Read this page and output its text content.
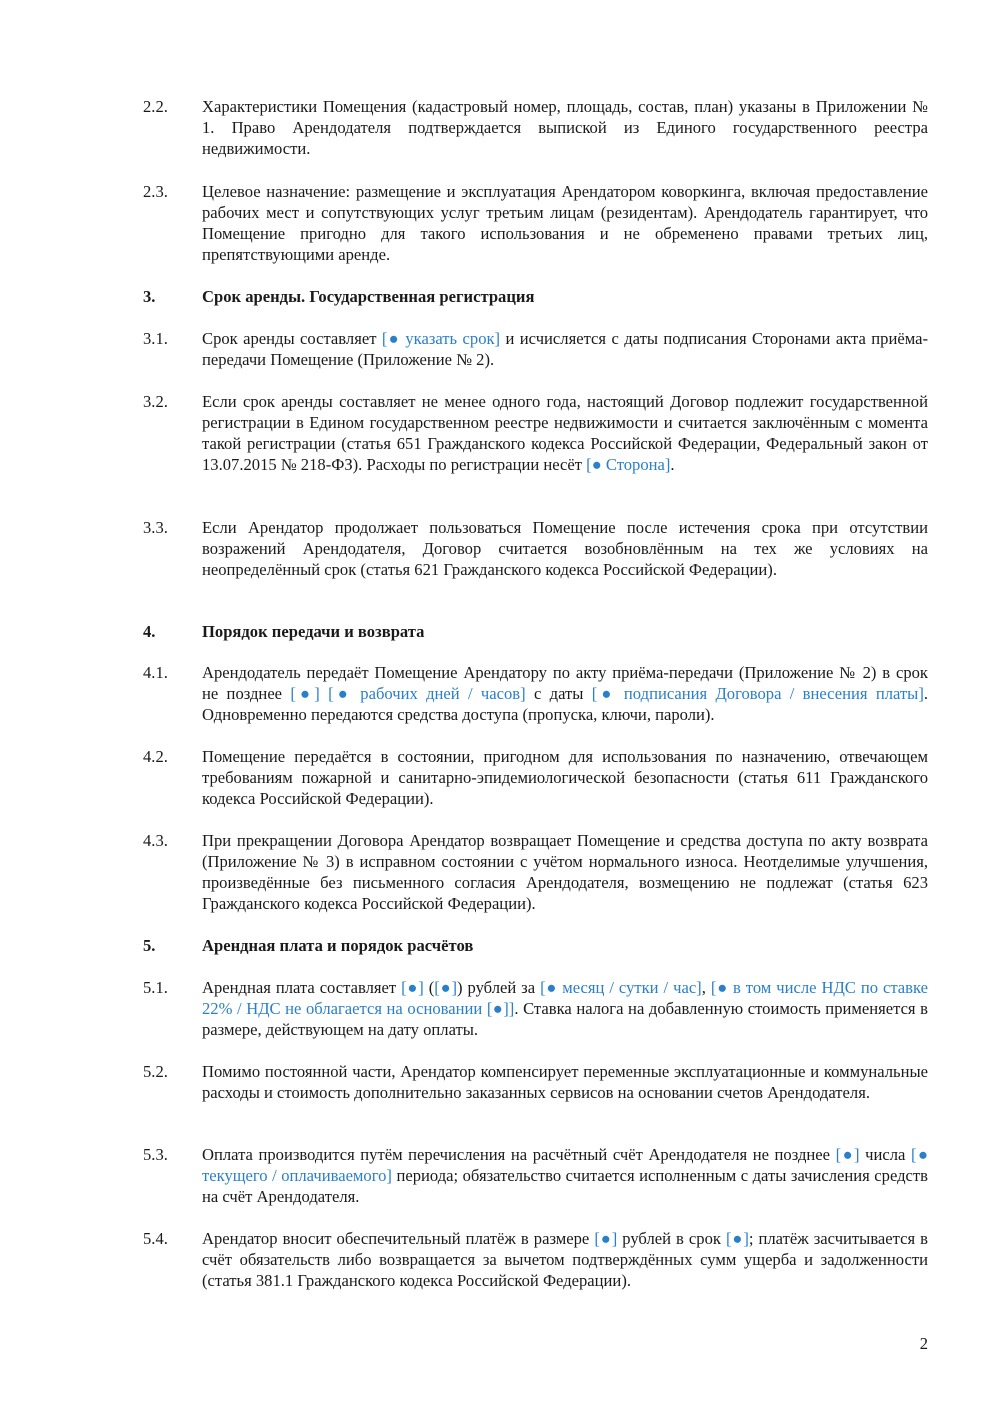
2.2.	Характеристики Помещения (кадастровый номер, площадь, состав, план) указаны в Приложении № 1. Право Арендодателя подтверждается выпиской из Единого государственного реестра недвижимости.
2.3.	Целевое назначение: размещение и эксплуатация Арендатором коворкинга, включая предоставление рабочих мест и сопутствующих услуг третьим лицам (резидентам). Арендодатель гарантирует, что Помещение пригодно для такого использования и не обременено правами третьих лиц, препятствующими аренде.
3.	Срок аренды. Государственная регистрация
3.1.	Срок аренды составляет [● указать срок] и исчисляется с даты подписания Сторонами акта приёма-передачи Помещение (Приложение № 2).
3.2.	Если срок аренды составляет не менее одного года, настоящий Договор подлежит государственной регистрации в Едином государственном реестре недвижимости и считается заключённым с момента такой регистрации (статья 651 Гражданского кодекса Российской Федерации, Федеральный закон от 13.07.2015 № 218-ФЗ). Расходы по регистрации несёт [● Сторона].
3.3.	Если Арендатор продолжает пользоваться Помещение после истечения срока при отсутствии возражений Арендодателя, Договор считается возобновлённым на тех же условиях на неопределённый срок (статья 621 Гражданского кодекса Российской Федерации).
4.	Порядок передачи и возврата
4.1.	Арендодатель передаёт Помещение Арендатору по акту приёма-передачи (Приложение № 2) в срок не позднее [●] [● рабочих дней / часов] с даты [● подписания Договора / внесения платы]. Одновременно передаются средства доступа (пропуска, ключи, пароли).
4.2.	Помещение передаётся в состоянии, пригодном для использования по назначению, отвечающем требованиям пожарной и санитарно-эпидемиологической безопасности (статья 611 Гражданского кодекса Российской Федерации).
4.3.	При прекращении Договора Арендатор возвращает Помещение и средства доступа по акту возврата (Приложение № 3) в исправном состоянии с учётом нормального износа. Неотделимые улучшения, произведённые без письменного согласия Арендодателя, возмещению не подлежат (статья 623 Гражданского кодекса Российской Федерации).
5.	Арендная плата и порядок расчётов
5.1.	Арендная плата составляет [●] ([●]) рублей за [● месяц / сутки / час], [● в том числе НДС по ставке 22% / НДС не облагается на основании [●]]. Ставка налога на добавленную стоимость применяется в размере, действующем на дату оплаты.
5.2.	Помимо постоянной части, Арендатор компенсирует переменные эксплуатационные и коммунальные расходы и стоимость дополнительно заказанных сервисов на основании счетов Арендодателя.
5.3.	Оплата производится путём перечисления на расчётный счёт Арендодателя не позднее [●] числа [● текущего / оплачиваемого] периода; обязательство считается исполненным с даты зачисления средств на счёт Арендодателя.
5.4.	Арендатор вносит обеспечительный платёж в размере [●] рублей в срок [●]; платёж засчитывается в счёт обязательств либо возвращается за вычетом подтверждённых сумм ущерба и задолженности (статья 381.1 Гражданского кодекса Российской Федерации).
2
